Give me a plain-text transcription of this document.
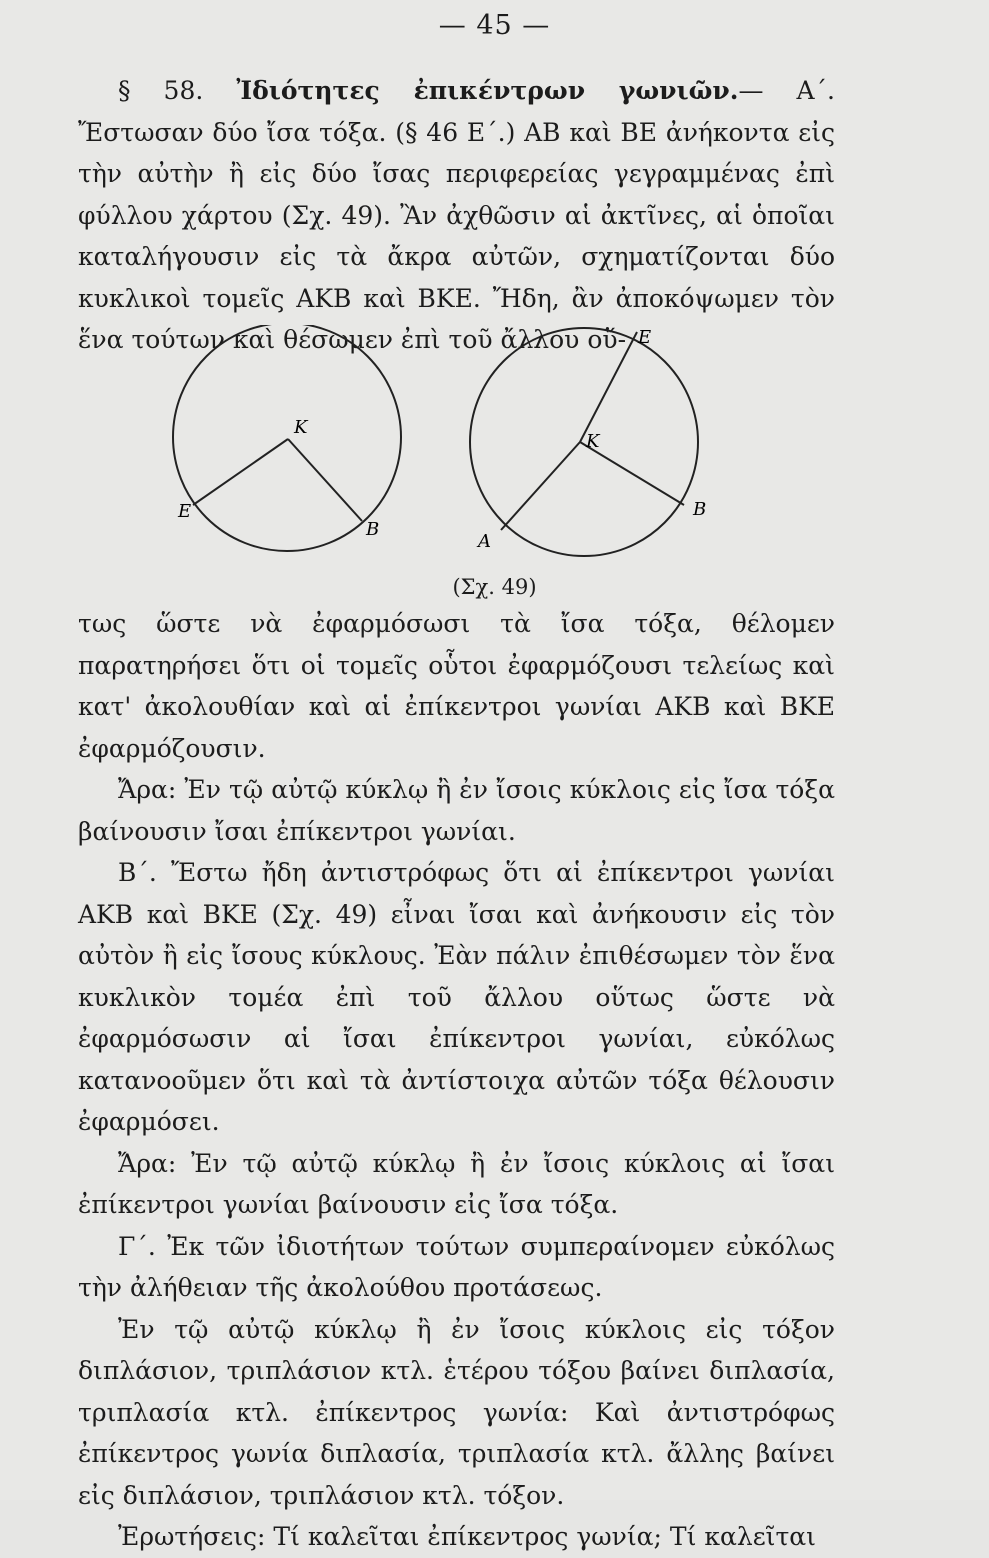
— 45 —

§ 58. Ἰδιότητες ἐπικέντρων γωνιῶν.— Α΄. Ἔστωσαν δύο ἴσα τόξα. (§ 46 Ε΄.) ΑΒ καὶ ΒΕ ἀνήκοντα εἰς τὴν αὐτὴν ἢ εἰς δύο ἴσας περιφερείας γεγραμμένας ἐπὶ φύλλου χάρτου (Σχ. 49). Ἂν ἀχθῶσιν αἱ ἀκτῖνες, αἱ ὁποῖαι καταλήγουσιν εἰς τὰ ἄκρα αὐτῶν, σχηματίζονται δύο κυκλικοὶ τομεῖς ΑΚΒ καὶ ΒΚΕ. Ἤδη, ἂν ἀποκόψωμεν τὸν ἕνα τούτων καὶ θέσωμεν ἐπὶ τοῦ ἄλλου οὕ-

Κ
Ε
Β
Ε
Κ
Β
Α
(Σχ. 49)

τως ὥστε νὰ ἐφαρμόσωσι τὰ ἴσα τόξα, θέλομεν παρατηρήσει ὅτι οἱ τομεῖς οὗτοι ἐφαρμόζουσι τελείως καὶ κατ' ἀκολουθίαν καὶ αἱ ἐπίκεντροι γωνίαι ΑΚΒ καὶ ΒΚΕ ἐφαρμόζουσιν.

Ἄρα: Ἐν τῷ αὐτῷ κύκλῳ ἢ ἐν ἴσοις κύκλοις εἰς ἴσα τόξα βαίνουσιν ἴσαι ἐπίκεντροι γωνίαι.

Β΄. Ἔστω ἤδη ἀντιστρόφως ὅτι αἱ ἐπίκεντροι γωνίαι ΑΚΒ καὶ ΒΚΕ (Σχ. 49) εἶναι ἴσαι καὶ ἀνήκουσιν εἰς τὸν αὐτὸν ἢ εἰς ἴσους κύκλους. Ἐὰν πάλιν ἐπιθέσωμεν τὸν ἕνα κυκλικὸν τομέα ἐπὶ τοῦ ἄλλου οὕτως ὥστε νὰ ἐφαρμόσωσιν αἱ ἴσαι ἐπίκεντροι γωνίαι, εὐκόλως κατανοοῦμεν ὅτι καὶ τὰ ἀντίστοιχα αὐτῶν τόξα θέλουσιν ἐφαρμόσει.

Ἄρα: Ἐν τῷ αὐτῷ κύκλῳ ἢ ἐν ἴσοις κύκλοις αἱ ἴσαι ἐπίκεντροι γωνίαι βαίνουσιν εἰς ἴσα τόξα.

Γ΄. Ἐκ τῶν ἰδιοτήτων τούτων συμπεραίνομεν εὐκόλως τὴν ἀλήθειαν τῆς ἀκολούθου προτάσεως.

Ἐν τῷ αὐτῷ κύκλῳ ἢ ἐν ἴσοις κύκλοις εἰς τόξον διπλάσιον, τριπλάσιον κτλ. ἑτέρου τόξου βαίνει διπλασία, τριπλασία κτλ. ἐπίκεντρος γωνία: Καὶ ἀντιστρόφως ἐπίκεντρος γωνία διπλασία, τριπλασία κτλ. ἄλλης βαίνει εἰς διπλάσιον, τριπλάσιον κτλ. τόξον.

Ἐρωτήσεις: Τί καλεῖται ἐπίκεντρος γωνία; Τί καλεῖται
